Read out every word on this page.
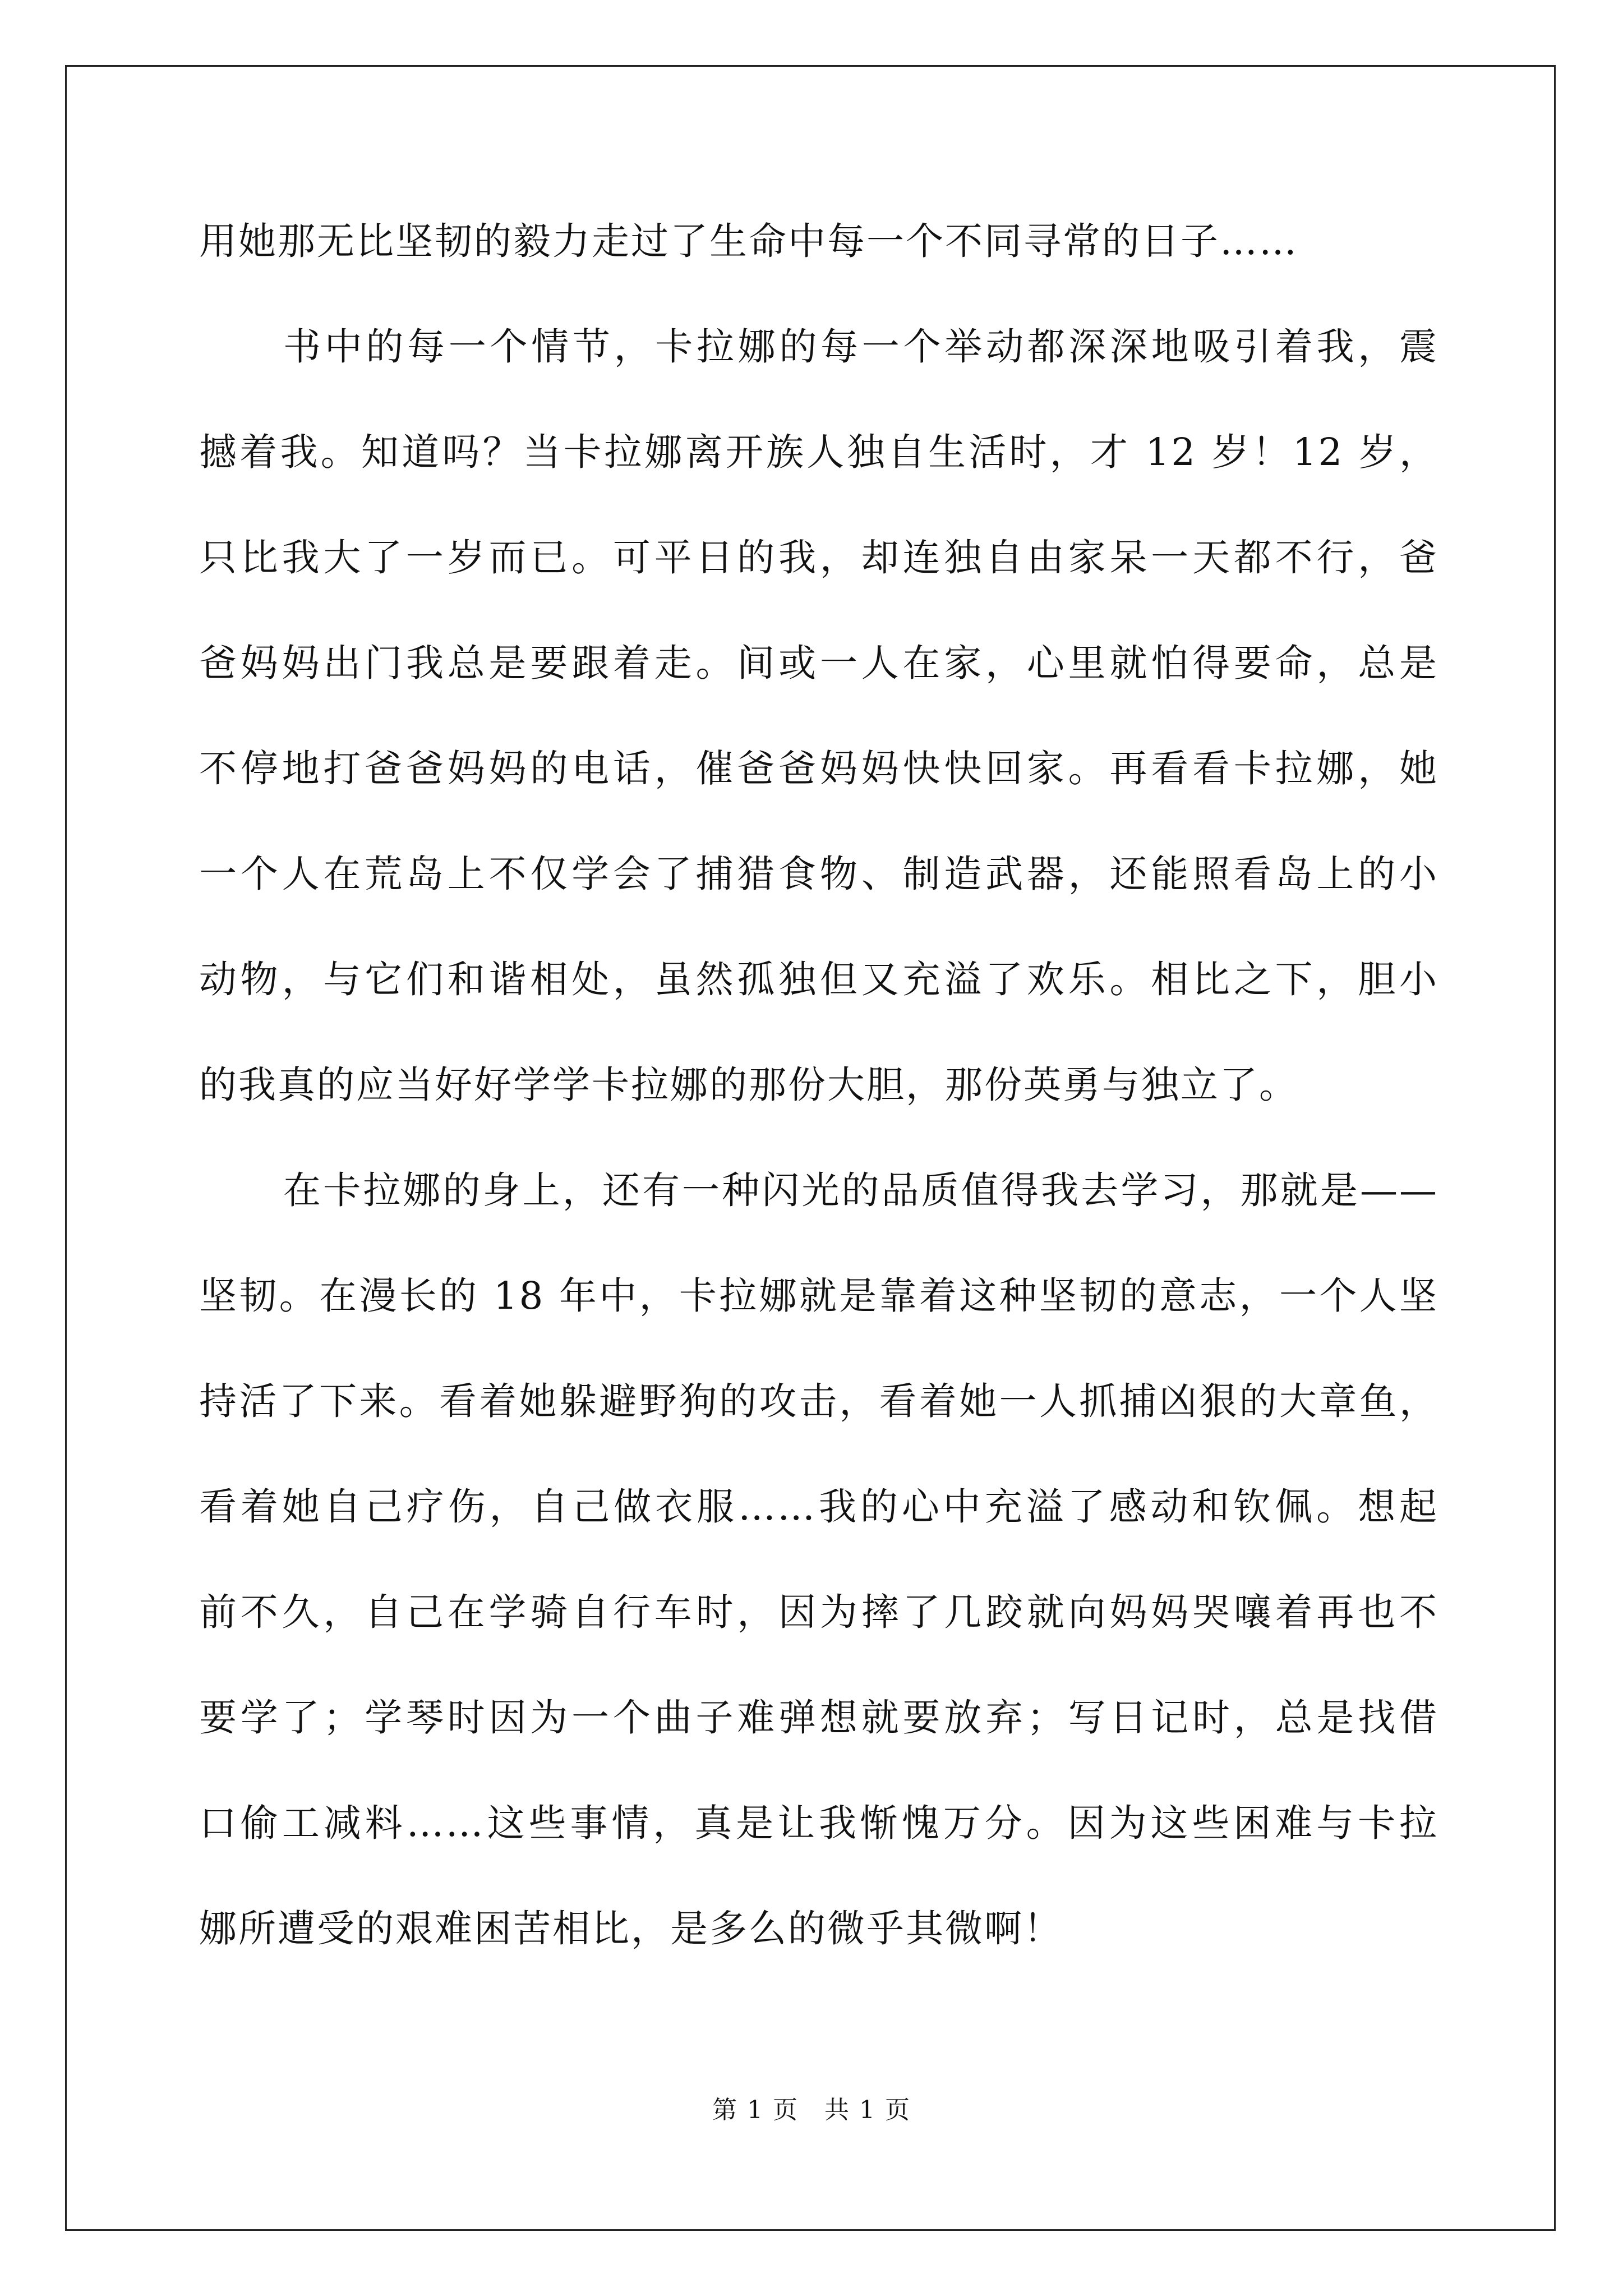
用她那无比坚韧的毅力走过了生命中每一个不同寻常的日子……
书中的每一个情节，卡拉娜的每一个举动都深深地吸引着我，震
撼着我。知道吗？当卡拉娜离开族人独自生活时，才 12 岁！12 岁，
只比我大了一岁而已。可平日的我，却连独自由家呆一天都不行，爸
爸妈妈出门我总是要跟着走。间或一人在家，心里就怕得要命，总是
不停地打爸爸妈妈的电话，催爸爸妈妈快快回家。再看看卡拉娜，她
一个人在荒岛上不仅学会了捕猎食物、制造武器，还能照看岛上的小
动物，与它们和谐相处，虽然孤独但又充溢了欢乐。相比之下，胆小
的我真的应当好好学学卡拉娜的那份大胆，那份英勇与独立了。
在卡拉娜的身上，还有一种闪光的品质值得我去学习，那就是——
坚韧。在漫长的 18 年中，卡拉娜就是靠着这种坚韧的意志，一个人坚
持活了下来。看着她躲避野狗的攻击，看着她一人抓捕凶狠的大章鱼，
看着她自己疗伤，自己做衣服……我的心中充溢了感动和钦佩。想起
前不久，自己在学骑自行车时，因为摔了几跤就向妈妈哭嚷着再也不
要学了；学琴时因为一个曲子难弹想就要放弃；写日记时，总是找借
口偷工减料……这些事情，真是让我惭愧万分。因为这些困难与卡拉
娜所遭受的艰难困苦相比，是多么的微乎其微啊！
第 1 页　共 1 页
